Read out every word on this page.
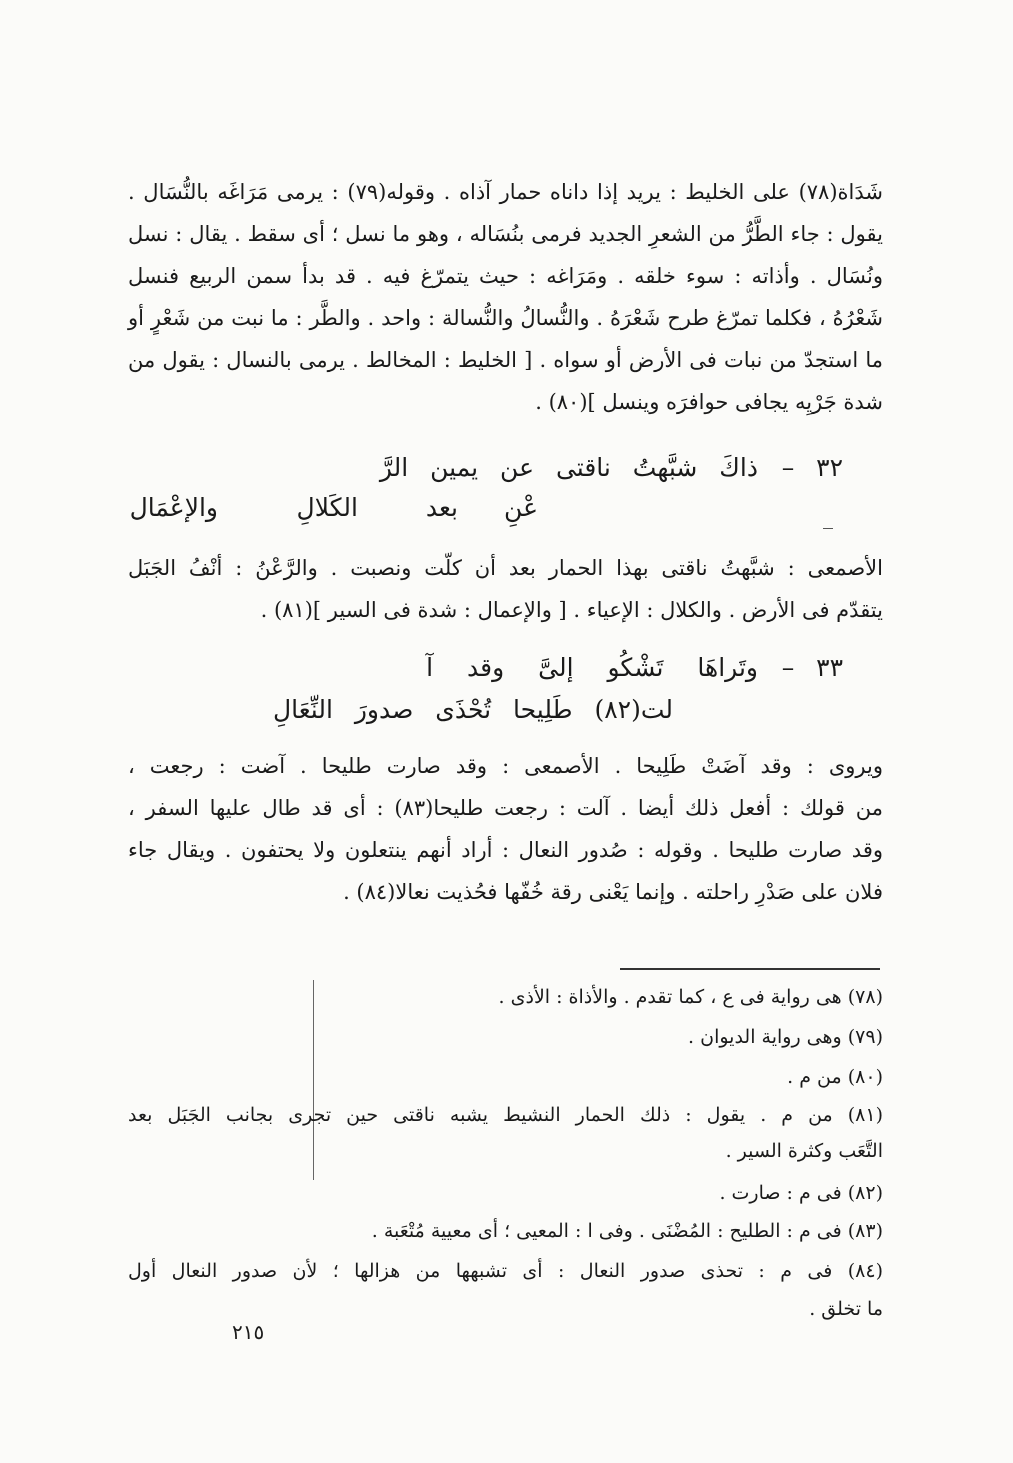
شَدَاة(٧٨) على الخليط : يريد إذا داناه حمار آذاه . وقوله(٧٩) : يرمى مَرَاغَه بالنُّسَال .
يقول : جاء الطَّرُّ من الشعرِ الجديد فرمى بنُسَاله ، وهو ما نسل ؛ أى سقط . يقال : نسل
ونُسَال . وأذاته : سوء خلقه . ومَرَاغه : حيث يتمرّغ فيه . قد بدأ سمن الربيع فنسل
شَعْرُهُ ، فكلما تمرّغ طرح شَعْرَهُ . والنُّسالُ والنُّسالة : واحد . والطَّر : ما نبت من شَعْرٍ أو
ما استجدّ من نبات فى الأرض أو سواه . [ الخليط : المخالط . يرمى بالنسال : يقول من
شدة جَرْيِه يجافى حوافرَه وينسل ](٨٠) .
٣٢ –
ذاكَ شبَّهتُ ناقتى عن يمين الرَّ
عْنِ
بعد
الكَلالِ
والإعْمَال
الأصمعى : شبَّهتُ ناقتى بهذا الحمار بعد أن كلّت ونصبت . والرَّعْنُ : أنْفُ الجَبَل
يتقدّم فى الأرض . والكلال : الإعياء . [ والإعمال : شدة فى السير ](٨١) .
٣٣ –
وتَراهَا تَشْكُو إلىَّ وقد آ
لت(٨٢) طَلِيحا تُحْذَى صدورَ النِّعَالِ
ويروى : وقد آضَتْ طَلِيحا . الأصمعى : وقد صارت طليحا . آضت : رجعت ،
من قولك : أفعل ذلك أيضا . آلت : رجعت طليحا(٨٣) : أى قد طال عليها السفر ،
وقد صارت طليحا . وقوله : صُدور النعال : أراد أنهم ينتعلون ولا يحتفون . ويقال جاء
فلان على صَدْرِ راحلته . وإنما يَعْنى رقة خُفّها فحُذيت نعالا(٨٤) .
(٧٨) هى رواية فى ع ، كما تقدم . والأذاة : الأذى .
(٧٩) وهى رواية الديوان .
(٨٠) من م .
(٨١) من م . يقول : ذلك الحمار النشيط يشبه ناقتى حين تجرى بجانب الجَبَل بعد
التَّعَب وكثرة السير .
(٨٢) فى م : صارت .
(٨٣) فى م : الطليح : المُضْنَى . وفى ا : المعيى ؛ أى معيية مُتْعَبة .
(٨٤) فى م : تحذى صدور النعال : أى تشبهها من هزالها ؛ لأن صدور النعال أول
ما تخلق .
٢١٥
